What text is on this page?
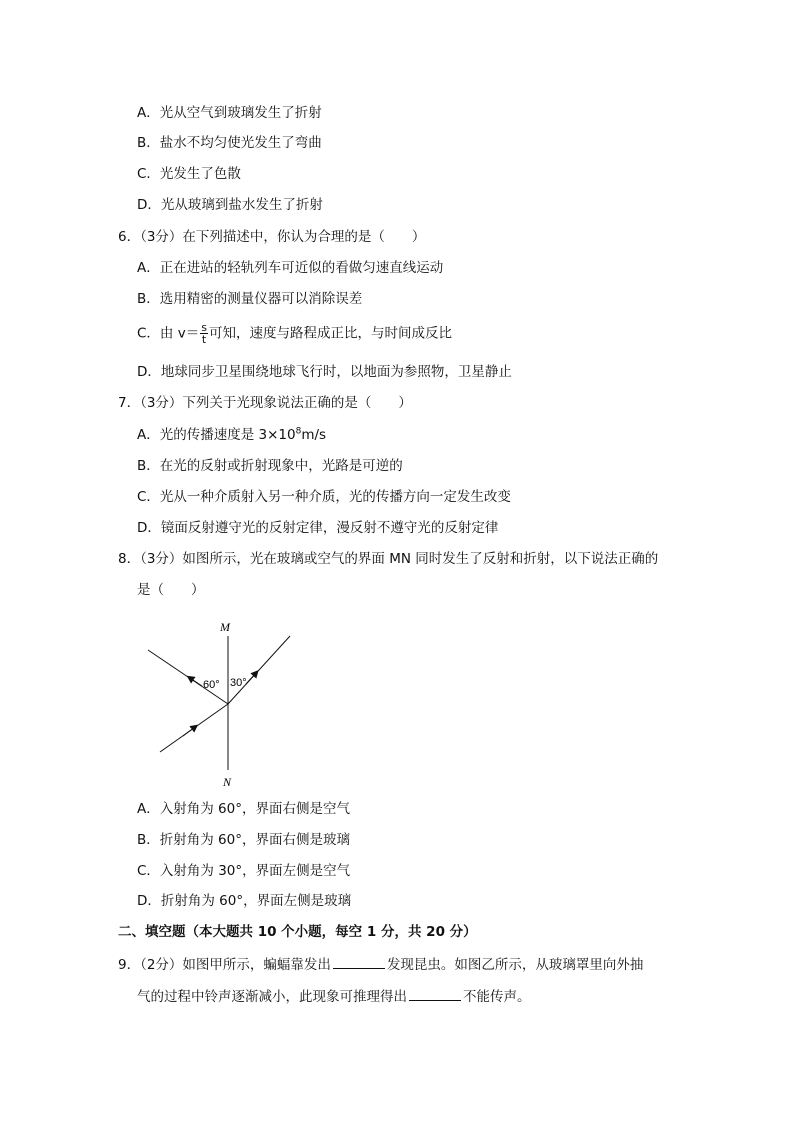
A．光从空气到玻璃发生了折射
B．盐水不均匀使光发生了弯曲
C．光发生了色散
D．光从玻璃到盐水发生了折射
6．（3分）在下列描述中，你认为合理的是（　　）
A．正在进站的轻轨列车可近似的看做匀速直线运动
B．选用精密的测量仪器可以消除误差
C．由 $v= \frac{s}{t}$ 可知，速度与路程成正比，与时间成反比
D．地球同步卫星围绕地球飞行时，以地面为参照物，卫星静止
7．（3分）下列关于光现象说法正确的是（　　）
A．光的传播速度是 $3\times 10^8m/s$
B．在光的反射或折射现象中，光路是可逆的
C．光从一种介质射入另一种介质，光的传播方向一定发生改变
D．镜面反射遵守光的反射定律，漫反射不遵守光的反射定律
8．（3分）如图所示，光在玻璃或空气的界面 MN 同时发生了反射和折射，以下说法正确的
是（　　）
M
N
60° 30°
A．入射角为 60°，界面右侧是空气
B．折射角为 60°，界面右侧是玻璃
C．入射角为 30°，界面左侧是空气
D．折射角为 60°，界面左侧是玻璃
二、填空题（本大题共 10 个小题，每空 1 分，共 20 分）
9．（2分）如图甲所示，蝙蝠靠发出	发现昆虫。如图乙所示，从玻璃罩里向外抽
气的过程中铃声逐渐减小，此现象可推理得出	不能传声。
